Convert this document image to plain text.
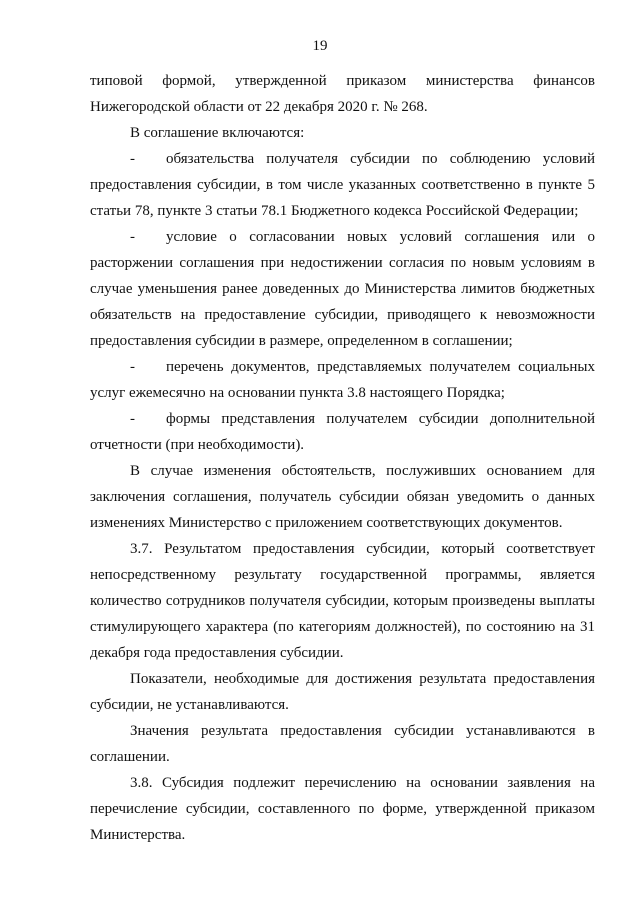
19

типовой формой, утвержденной приказом министерства финансов Нижегородской области от 22 декабря 2020 г. № 268.

В соглашение включаются:

- обязательства получателя субсидии по соблюдению условий предоставления субсидии, в том числе указанных соответственно в пункте 5 статьи 78, пункте 3 статьи 78.1 Бюджетного кодекса Российской Федерации;

- условие о согласовании новых условий соглашения или о расторжении соглашения при недостижении согласия по новым условиям в случае уменьшения ранее доведенных до Министерства лимитов бюджетных обязательств на предоставление субсидии, приводящего к невозможности предоставления субсидии в размере, определенном в соглашении;

- перечень документов, представляемых получателем социальных услуг ежемесячно на основании пункта 3.8 настоящего Порядка;

- формы представления получателем субсидии дополнительной отчетности (при необходимости).

В случае изменения обстоятельств, послуживших основанием для заключения соглашения, получатель субсидии обязан уведомить о данных изменениях Министерство с приложением соответствующих документов.

3.7. Результатом предоставления субсидии, который соответствует непосредственному результату государственной программы, является количество сотрудников получателя субсидии, которым произведены выплаты стимулирующего характера (по категориям должностей), по состоянию на 31 декабря года предоставления субсидии.

Показатели, необходимые для достижения результата предоставления субсидии, не устанавливаются.

Значения результата предоставления субсидии устанавливаются в соглашении.

3.8. Субсидия подлежит перечислению на основании заявления на перечисление субсидии, составленного по форме, утвержденной приказом Министерства.
